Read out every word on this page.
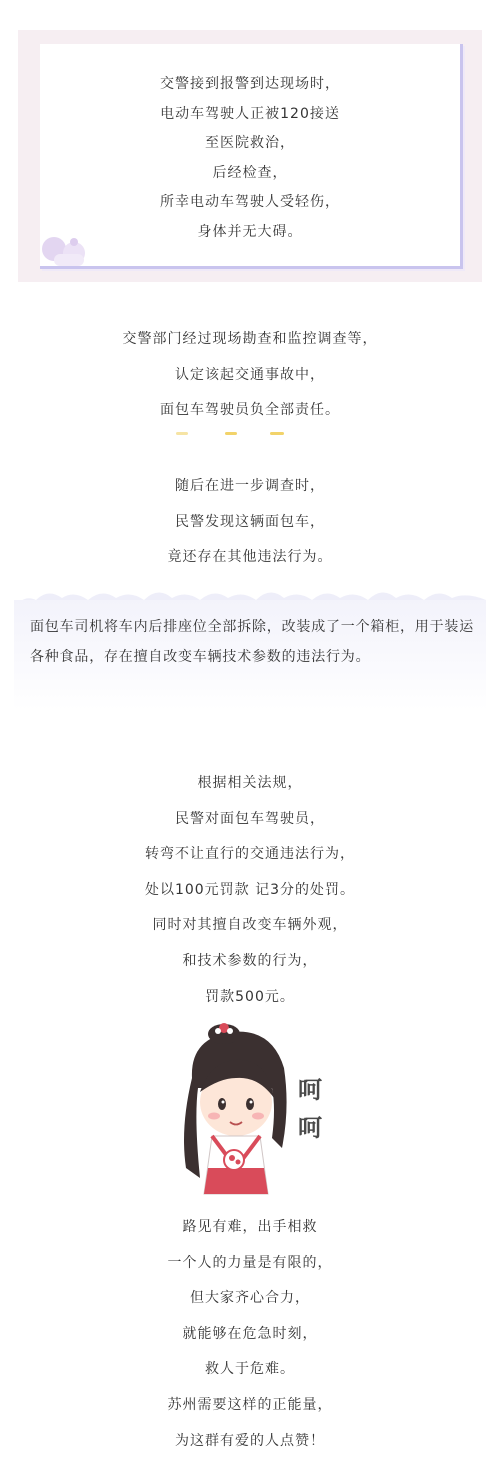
交警接到报警到达现场时，
电动车驾驶人正被120接送
至医院救治，
后经检查，
所幸电动车驾驶人受轻伤，
身体并无大碍。
交警部门经过现场勘查和监控调查等，
认定该起交通事故中，
面包车驾驶员负全部责任。
随后在进一步调查时，
民警发现这辆面包车，
竟还存在其他违法行为。
面包车司机将车内后排座位全部拆除，改装成了一个箱柜，用于装运各种食品，存在擅自改变车辆技术参数的违法行为。
根据相关法规，
民警对面包车驾驶员，
转弯不让直行的交通违法行为，
处以100元罚款 记3分的处罚。
同时对其擅自改变车辆外观，
和技术参数的行为，
罚款500元。
呵
呵
路见有难，出手相救
一个人的力量是有限的，
但大家齐心合力，
就能够在危急时刻，
救人于危难。
苏州需要这样的正能量，
为这群有爱的人点赞！
